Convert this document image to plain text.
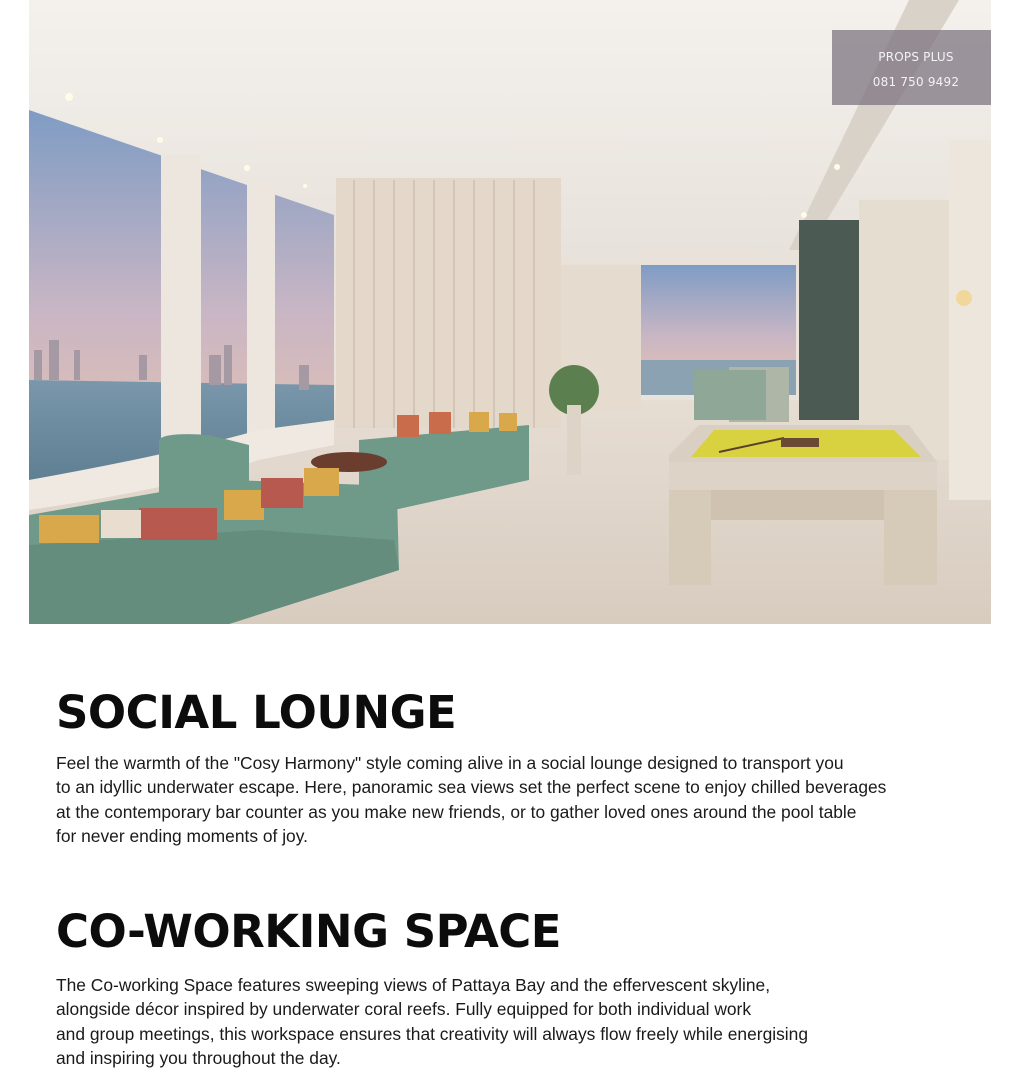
PROPS PLUS
081 750 9492
SOCIAL LOUNGE

Feel the warmth of the "Cosy Harmony" style coming alive in a social lounge designed to transport you
to an idyllic underwater escape. Here, panoramic sea views set the perfect scene to enjoy chilled beverages
at the contemporary bar counter as you make new friends, or to gather loved ones around the pool table
for never ending moments of joy.

CO-WORKING SPACE

The Co-working Space features sweeping views of Pattaya Bay and the effervescent skyline,
alongside décor inspired by underwater coral reefs. Fully equipped for both individual work
and group meetings, this workspace ensures that creativity will always flow freely while energising
and inspiring you throughout the day.
